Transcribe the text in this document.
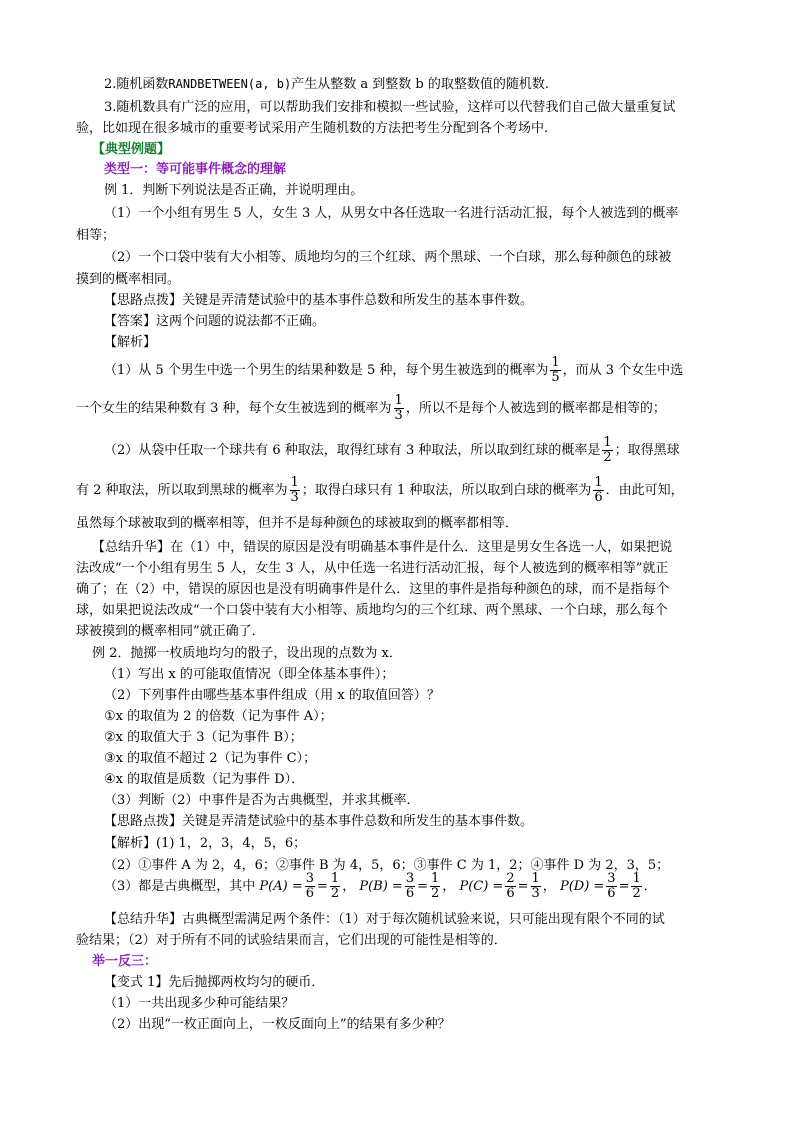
2.随机函数RANDBETWEEN(a, b)产生从整数 a 到整数 b 的取整数值的随机数.
3.随机数具有广泛的应用，可以帮助我们安排和模拟一些试验，这样可以代替我们自己做大量重复试
验，比如现在很多城市的重要考试采用产生随机数的方法把考生分配到各个考场中.
【典型例题】
类型一：等可能事件概念的理解
例 1．判断下列说法是否正确，并说明理由。
（1）一个小组有男生 5 人，女生 3 人，从男女中各任选取一名进行活动汇报，每个人被选到的概率
相等；
（2）一个口袋中装有大小相等、质地均匀的三个红球、两个黑球、一个白球，那么每种颜色的球被
摸到的概率相同。
【思路点拨】关键是弄清楚试验中的基本事件总数和所发生的基本事件数。
【答案】这两个问题的说法都不正确。
【解析】
（1）从 5 个男生中选一个男生的结果种数是 5 种，每个男生被选到的概率为 $\frac{1}{5}$ ，而从 3 个女生中选
一个女生的结果种数有 3 种，每个女生被选到的概率为 $\frac{1}{3}$ ，所以不是每个人被选到的概率都是相等的；
（2）从袋中任取一个球共有 6 种取法，取得红球有 3 种取法，所以取到红球的概率是 $\frac{1}{2}$ ；取得黑球
有 2 种取法，所以取到黑球的概率为 $\frac{1}{3}$ ；取得白球只有 1 种取法，所以取到白球的概率为 $\frac{1}{6}$ ．由此可知，
虽然每个球被取到的概率相等，但并不是每种颜色的球被取到的概率都相等．
【总结升华】在（1）中，错误的原因是没有明确基本事件是什么．这里是男女生各选一人，如果把说
法改成“一个小组有男生 5 人，女生 3 人，从中任选一名进行活动汇报，每个人被选到的概率相等”就正
确了；在（2）中，错误的原因也是没有明确事件是什么．这里的事件是指每种颜色的球，而不是指每个
球，如果把说法改成“一个口袋中装有大小相等、质地均匀的三个红球、两个黑球、一个白球，那么每个
球被摸到的概率相同”就正确了．
例 2．抛掷一枚质地均匀的骰子，设出现的点数为 x．
（1）写出 x 的可能取值情况（即全体基本事件）；
（2）下列事件由哪些基本事件组成（用 x 的取值回答）？
①x 的取值为 2 的倍数（记为事件 A）；
②x 的取值大于 3（记为事件 B）；
③x 的取值不超过 2（记为事件 C）；
④x 的取值是质数（记为事件 D）．
（3）判断（2）中事件是否为古典概型，并求其概率．
【思路点拨】关键是弄清楚试验中的基本事件总数和所发生的基本事件数。
【解析】(1) 1，2，3，4，5，6；
（2）①事件 A 为 2，4，6；②事件 B 为 4，5，6；③事件 C 为 1，2；④事件 D 为 2，3，5；
（3）都是古典概型，其中 $P(A) = \frac{3}{6} = \frac{1}{2}$ ， $P(B) = \frac{3}{6} = \frac{1}{2}$ ， $P(C) = \frac{2}{6} = \frac{1}{3}$ ， $P(D) = \frac{3}{6} = \frac{1}{2}$ ．
【总结升华】古典概型需满足两个条件：（1）对于每次随机试验来说，只可能出现有限个不同的试
验结果；（2）对于所有不同的试验结果而言，它们出现的可能性是相等的．
举一反三：
【变式 1】先后抛掷两枚均匀的硬币．
（1）一共出现多少种可能结果？
（2）出现“一枚正面向上，一枚反面向上”的结果有多少种？
